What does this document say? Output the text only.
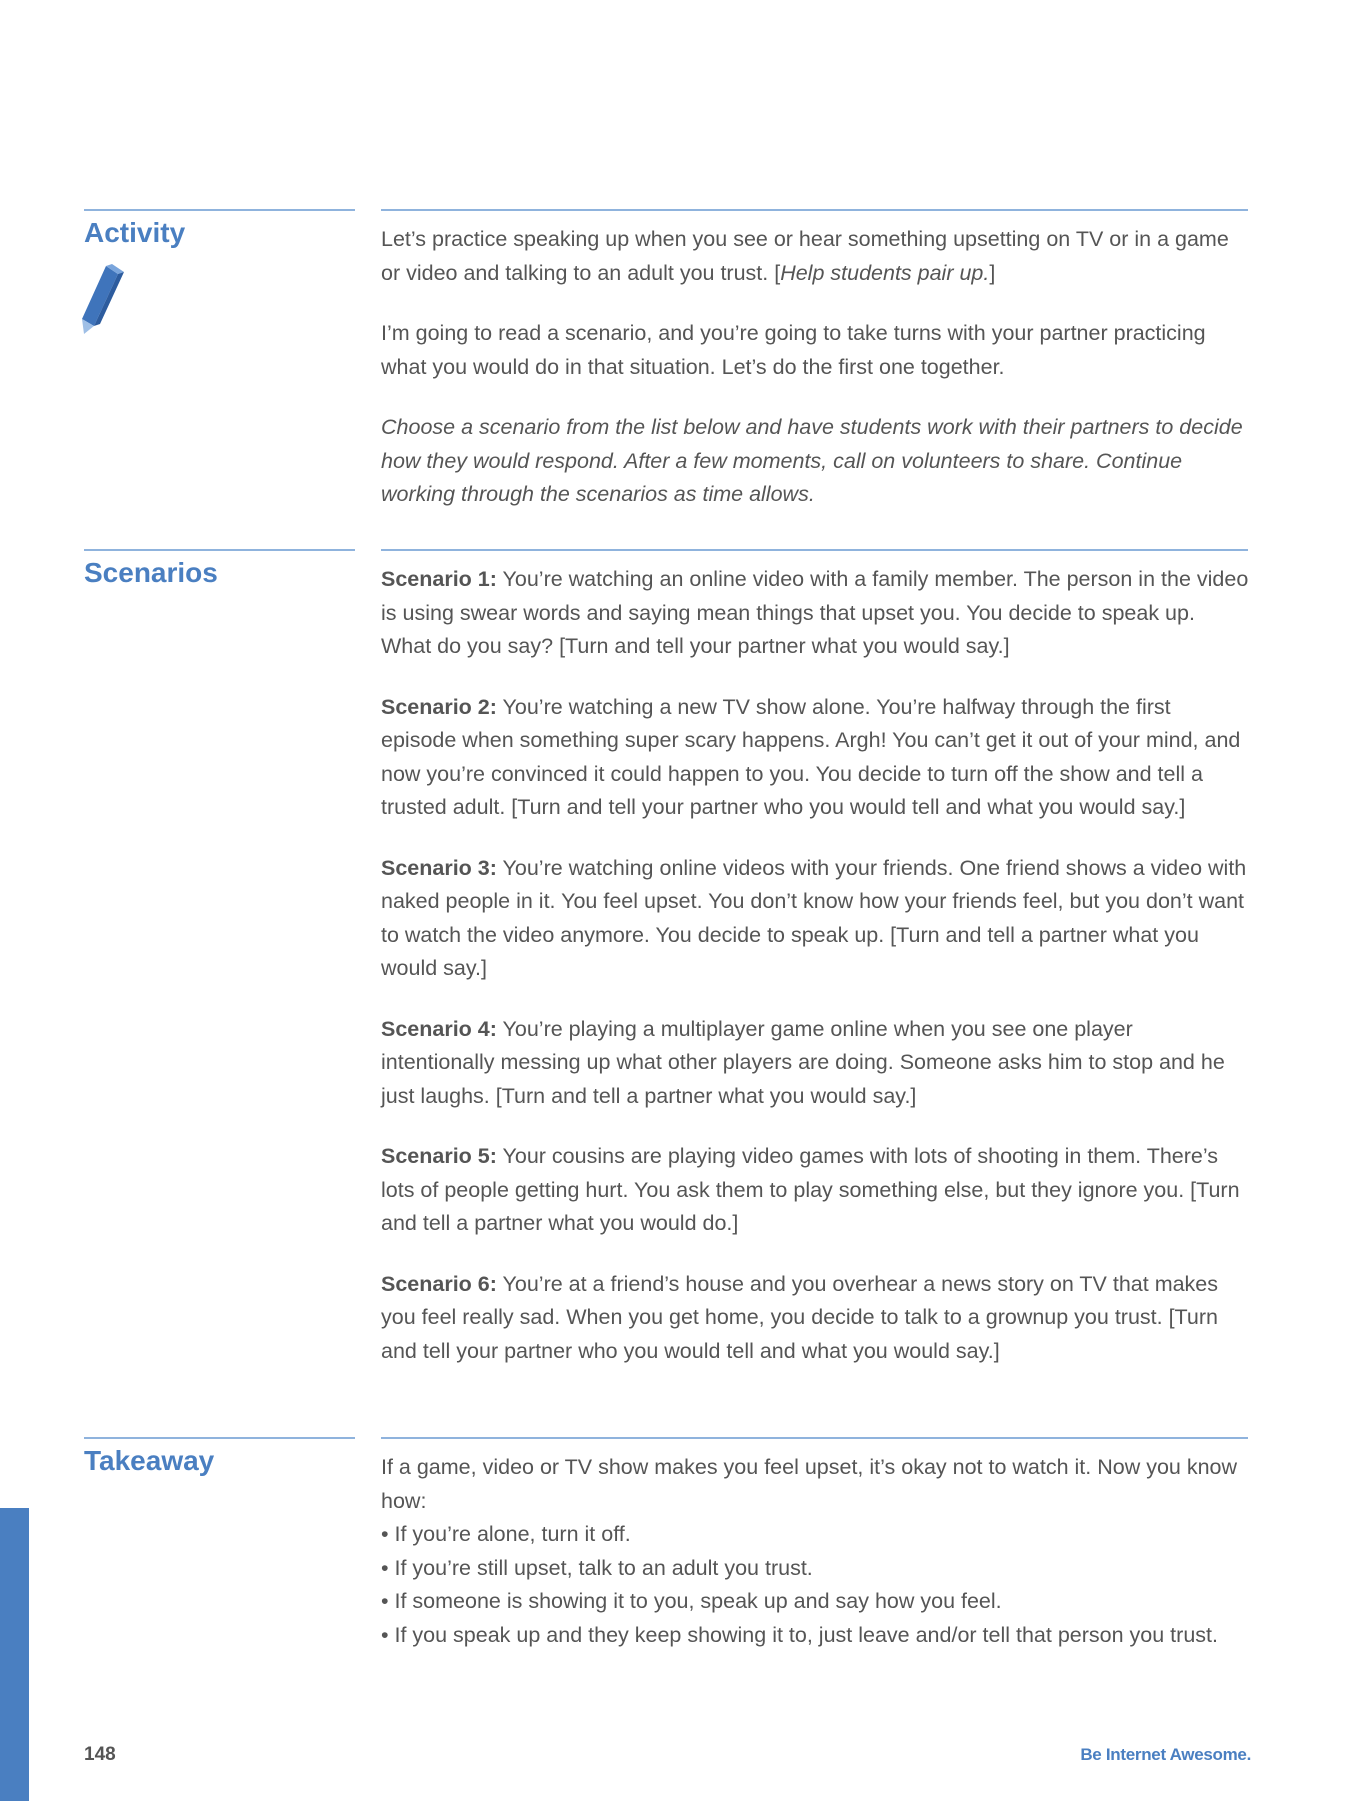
Activity	Let’s practice speaking up when you see or hear something upsetting on TV or in a game or video and talking to an adult you trust. [Help students pair up.]

I’m going to read a scenario, and you’re going to take turns with your partner practicing what you would do in that situation. Let’s do the first one together.

Choose a scenario from the list below and have students work with their partners to decide how they would respond. After a few moments, call on volunteers to share. Continue working through the scenarios as time allows.

Scenarios	Scenario 1: You’re watching an online video with a family member. The person in the video is using swear words and saying mean things that upset you. You decide to speak up. What do you say? [Turn and tell your partner what you would say.]

Scenario 2: You’re watching a new TV show alone. You’re halfway through the first episode when something super scary happens. Argh! You can’t get it out of your mind, and now you’re convinced it could happen to you. You decide to turn off the show and tell a trusted adult. [Turn and tell your partner who you would tell and what you would say.]

Scenario 3: You’re watching online videos with your friends. One friend shows a video with naked people in it. You feel upset. You don’t know how your friends feel, but you don’t want to watch the video anymore. You decide to speak up. [Turn and tell a partner what you would say.]

Scenario 4: You’re playing a multiplayer game online when you see one player intentionally messing up what other players are doing. Someone asks him to stop and he just laughs. [Turn and tell a partner what you would say.]

Scenario 5: Your cousins are playing video games with lots of shooting in them. There’s lots of people getting hurt. You ask them to play something else, but they ignore you. [Turn and tell a partner what you would do.]

Scenario 6: You’re at a friend’s house and you overhear a news story on TV that makes you feel really sad. When you get home, you decide to talk to a grownup you trust. [Turn and tell your partner who you would tell and what you would say.]

Takeaway	If a game, video or TV show makes you feel upset, it’s okay not to watch it. Now you know how:
• If you’re alone, turn it off.
• If you’re still upset, talk to an adult you trust.
• If someone is showing it to you, speak up and say how you feel.
• If you speak up and they keep showing it to, just leave and/or tell that person you trust.
148	Be Internet Awesome.
